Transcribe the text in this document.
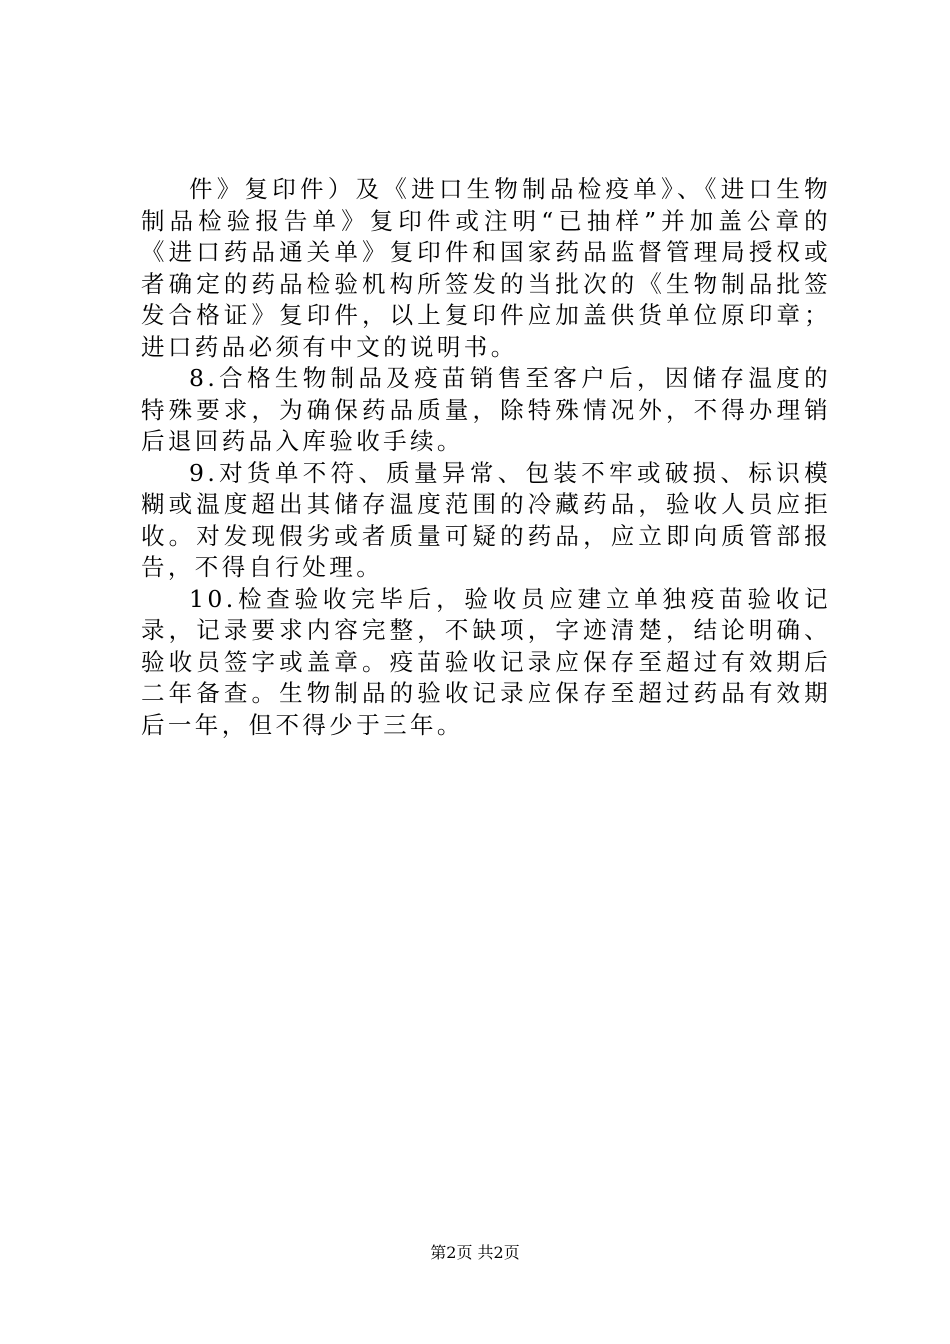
件》复印件）及《进口生物制品检疫单》、《进口生物制品检验报告单》复印件或注明“已抽样”并加盖公章的《进口药品通关单》复印件和国家药品监督管理局授权或者确定的药品检验机构所签发的当批次的《生物制品批签发合格证》复印件，以上复印件应加盖供货单位原印章；进口药品必须有中文的说明书。

8.合格生物制品及疫苗销售至客户后，因储存温度的特殊要求，为确保药品质量，除特殊情况外，不得办理销后退回药品入库验收手续。

9.对货单不符、质量异常、包装不牢或破损、标识模糊或温度超出其储存温度范围的冷藏药品，验收人员应拒收。对发现假劣或者质量可疑的药品，应立即向质管部报告，不得自行处理。

10.检查验收完毕后，验收员应建立单独疫苗验收记录，记录要求内容完整，不缺项，字迹清楚，结论明确、验收员签字或盖章。疫苗验收记录应保存至超过有效期后二年备查。生物制品的验收记录应保存至超过药品有效期后一年，但不得少于三年。

第2页 共2页
